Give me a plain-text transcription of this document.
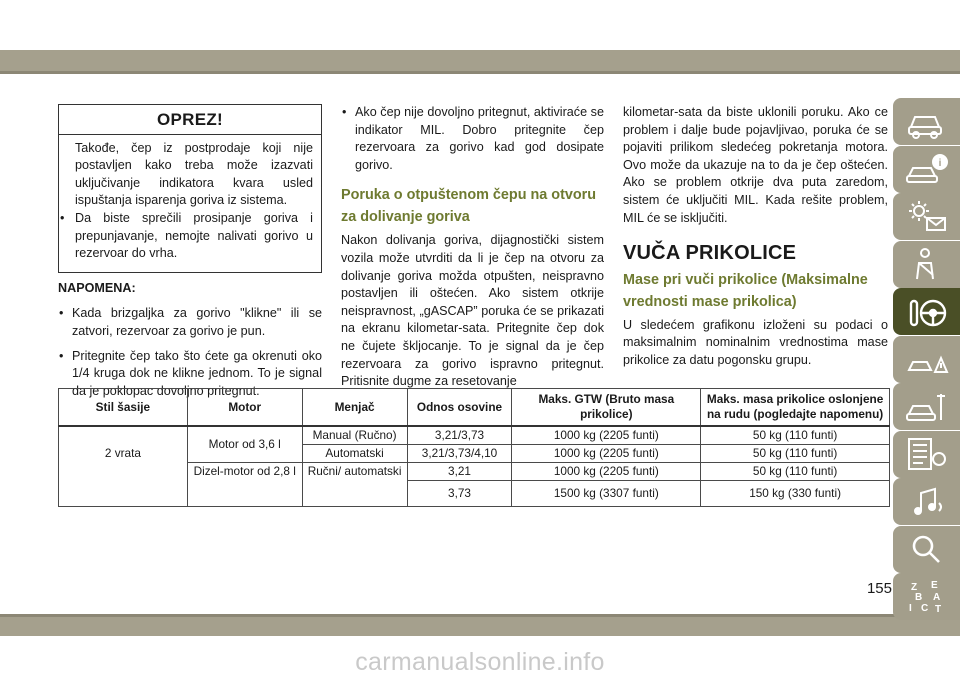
OPREZ!
Takođe, čep iz postprodaje koji nije postavljen kako treba može izazvati uključivanje indikatora kvara usled ispuštanja isparenja goriva iz sistema.
• Da biste sprečili prosipanje goriva i prepunjavanje, nemojte nalivati gorivo u rezervoar do vrha.
NAPOMENA:
• Kada brizgaljka za gorivo "klikne" ili se zatvori, rezervoar za gorivo je pun.
• Pritegnite čep tako što ćete ga okrenuti oko 1/4 kruga dok ne klikne jednom. To je signal da je poklopac dovoljno pritegnut.
• Ako čep nije dovoljno pritegnut, aktiviraće se indikator MIL. Dobro pritegnite čep rezervoara za gorivo kad god dosipate gorivo.
Poruka o otpuštenom čepu na otvoru za dolivanje goriva
Nakon dolivanja goriva, dijagnostički sistem vozila može utvrditi da li je čep na otvoru za dolivanje goriva možda otpušten, neispravno postavljen ili oštećen. Ako sistem otkrije neispravnost, „gASCAP” poruka će se prikazati na ekranu kilometar-sata. Pritegnite čep dok ne čujete škljocanje. To je signal da je čep rezervoara za gorivo ispravno pritegnut. Pritisnite dugme za resetovanje
kilometar-sata da biste uklonili poruku. Ako ce problem i dalje bude pojavljivao, poruka će se pojaviti prilikom sledećeg pokretanja motora. Ovo može da ukazuje na to da je čep oštećen. Ako se problem otkrije dva puta zaredom, sistem će uključiti MIL. Kada rešite problem, MIL će se isključiti.
VUČA PRIKOLICE
Mase pri vuči prikolice (Maksimalne vrednosti mase prikolica)
U sledećem grafikonu izloženi su podaci o maksimalnim nominalnim vrednostima mase prikolice za datu pogonsku grupu.
Stil šasije	Motor	Menjač	Odnos osovine	Maks. GTW (Bruto masa prikolice)	Maks. masa prikolice oslonjene na rudu (pogledajte napomenu)
2 vrata	Motor od 3,6 l	Manual (Ručno)	3,21/3,73	1000 kg (2205 funti)	50 kg (110 funti)
		Automatski	3,21/3,73/4,10	1000 kg (2205 funti)	50 kg (110 funti)
	Dizel-motor od 2,8 l	Ručni/ automatski	3,21	1000 kg (2205 funti)	50 kg (110 funti)
			3,73	1500 kg (3307 funti)	150 kg (330 funti)
i
Z E
B A
I C T
155
carmanualsonline.info
